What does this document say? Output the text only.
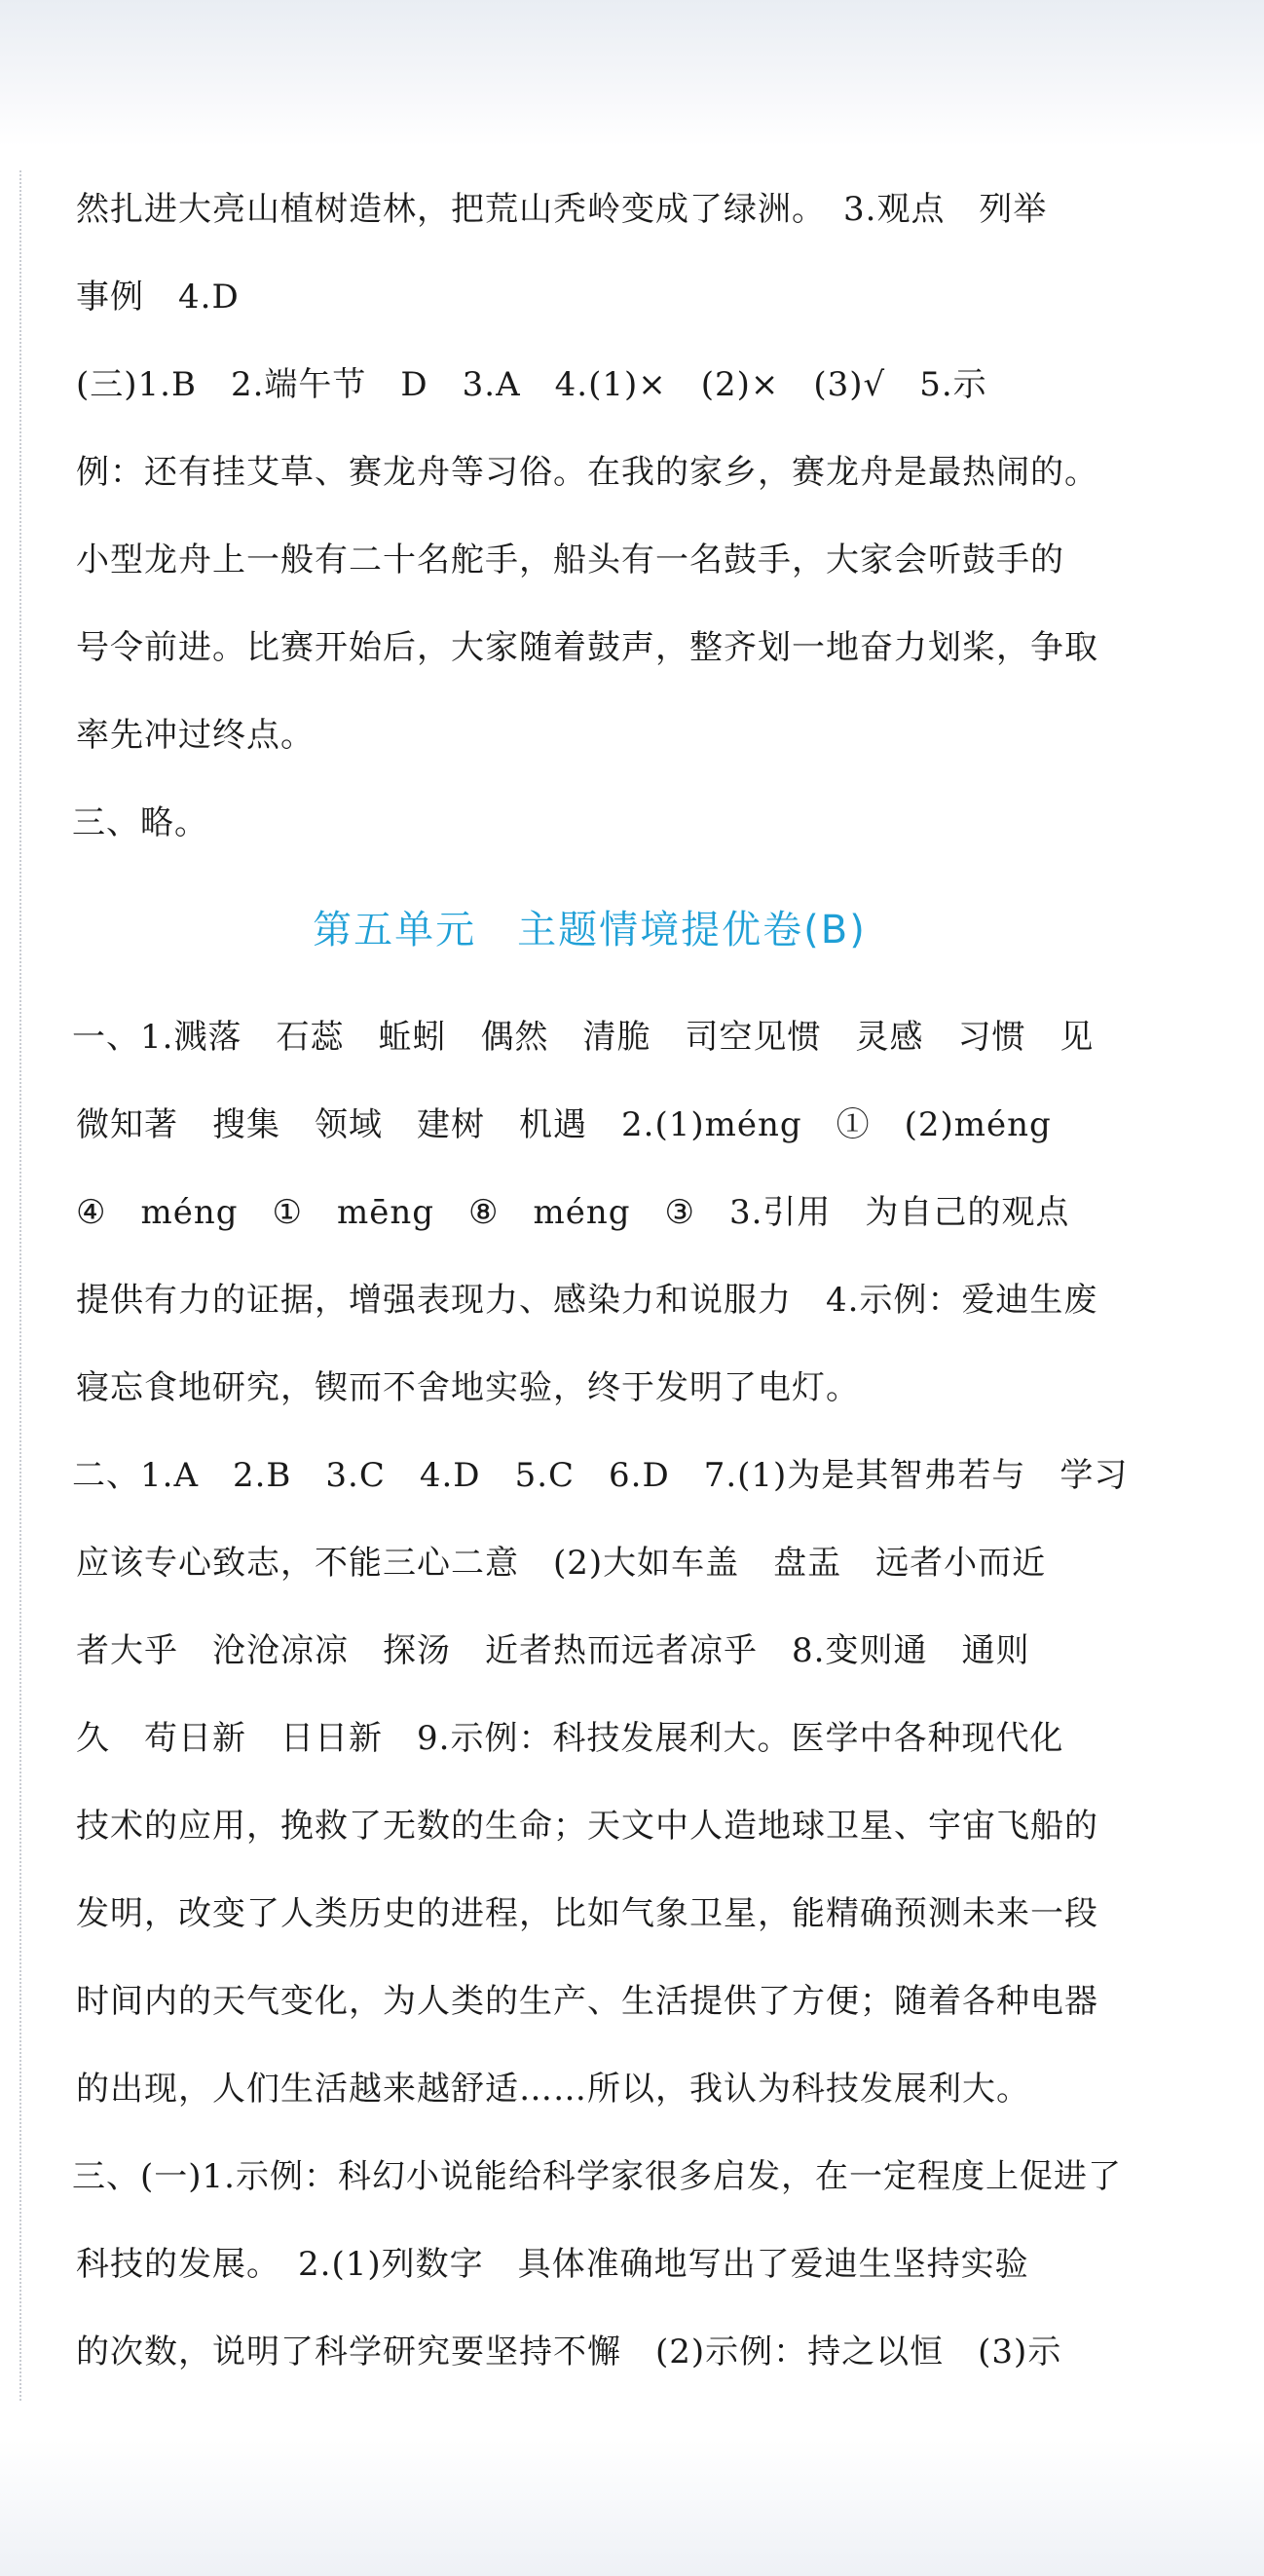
然扎进大亮山植树造林，把荒山秃岭变成了绿洲。　3.观点　列举
事例　4.D
(三)1.B　2.端午节　D　3.A　4.(1)×　(2)×　(3)√　5.示
例：还有挂艾草、赛龙舟等习俗。在我的家乡，赛龙舟是最热闹的。
小型龙舟上一般有二十名舵手，船头有一名鼓手，大家会听鼓手的
号令前进。比赛开始后，大家随着鼓声，整齐划一地奋力划桨，争取
率先冲过终点。
三、略。
第五单元　主题情境提优卷(B)
一、1.溅落　石蕊　蚯蚓　偶然　清脆　司空见惯　灵感　习惯　见
微知著　搜集　领域　建树　机遇　2.(1)méng　①　(2)méng
④　méng　①　mēng　⑧　méng　③　3.引用　为自己的观点
提供有力的证据，增强表现力、感染力和说服力　4.示例：爱迪生废
寝忘食地研究，锲而不舍地实验，终于发明了电灯。
二、1.A　2.B　3.C　4.D　5.C　6.D　7.(1)为是其智弗若与　学习
应该专心致志，不能三心二意　(2)大如车盖　盘盂　远者小而近
者大乎　沧沧凉凉　探汤　近者热而远者凉乎　8.变则通　通则
久　苟日新　日日新　9.示例：科技发展利大。医学中各种现代化
技术的应用，挽救了无数的生命；天文中人造地球卫星、宇宙飞船的
发明，改变了人类历史的进程，比如气象卫星，能精确预测未来一段
时间内的天气变化，为人类的生产、生活提供了方便；随着各种电器
的出现，人们生活越来越舒适……所以，我认为科技发展利大。
三、(一)1.示例：科幻小说能给科学家很多启发，在一定程度上促进了
科技的发展。　2.(1)列数字　具体准确地写出了爱迪生坚持实验
的次数，说明了科学研究要坚持不懈　(2)示例：持之以恒　(3)示
